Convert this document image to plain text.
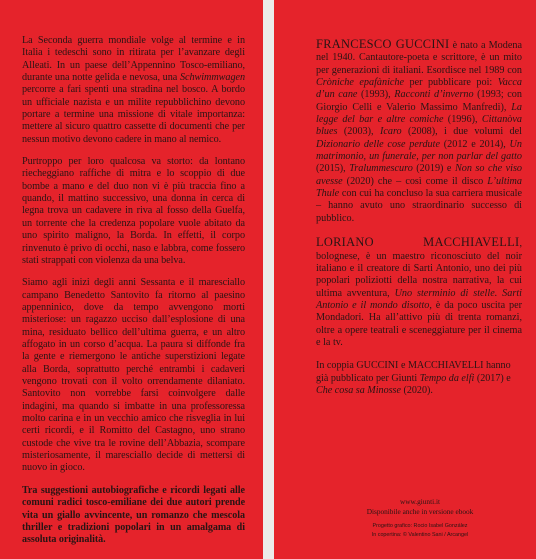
La Seconda guerra mondiale volge al termine e in Italia i tedeschi sono in ritirata per l’avanzare degli Alleati. In un paese dell’Appennino Tosco-emiliano, durante una notte gelida e nevosa, una Schwimmwagen percorre a fari spenti una stradina nel bosco. A bordo un ufficiale nazista e un milite repubblichino devono portare a termine una missione di vitale importanza: mettere al sicuro quattro cassette di documenti che per nessun motivo devono cadere in mano al nemico.

Purtroppo per loro qualcosa va storto: da lontano riecheggiano raffiche di mitra e lo scoppio di due bombe a mano e del duo non vi è più traccia fino a quando, il mattino successivo, una donna in cerca di legna trova un cadavere in riva al fosso della Guelfa, un torrente che la credenza popolare vuole abitato da uno spirito maligno, la Borda. In effetti, il corpo rinvenuto è privo di occhi, naso e labbra, come fossero stati strappati con violenza da una belva.

Siamo agli inizi degli anni Sessanta e il maresciallo campano Benedetto Santovito fa ritorno al paesino appenninico, dove da tempo avvengono morti misteriose: un ragazzo ucciso dall’esplosione di una mina, residuato bellico dell’ultima guerra, e un altro affogato in un corso d’acqua. La paura si diffonde fra la gente e riemergono le antiche superstizioni legate alla Borda, soprattutto perché entrambi i cadaveri vengono trovati con il volto orrendamente dilaniato. Santovito non vorrebbe farsi coinvolgere dalle indagini, ma quando si imbatte in una professoressa molto carina e in un vecchio amico che risveglia in lui certi ricordi, e il Romitto del Castagno, uno strano custode che vive tra le rovine dell’Abbazia, scompare misteriosamente, il maresciallo decide di mettersi di nuovo in gioco.

Tra suggestioni autobiografiche e ricordi legati alle comuni radici tosco-emiliane dei due autori prende vita un giallo avvincente, un romanzo che mescola thriller e tradizioni popolari in un amalgama di assoluta originalità.

FRANCESCO GUCCINI è nato a Modena nel 1940. Cantautore-poeta e scrittore, è un mito per generazioni di italiani. Esordisce nel 1989 con Cròniche epafàniche per pubblicare poi: Vacca d’un cane (1993), Racconti d’inverno (1993; con Giorgio Celli e Valerio Massimo Manfredi), La legge del bar e altre comiche (1996), Cittanòva blues (2003), Icaro (2008), i due volumi del Dizionario delle cose perdute (2012 e 2014), Un matrimonio, un funerale, per non parlar del gatto (2015), Tralummescuro (2019) e Non so che viso avesse (2020) che – così come il disco L’ultima Thule con cui ha concluso la sua carriera musicale – hanno avuto uno straordinario successo di pubblico.

LORIANO MACCHIAVELLI, bolognese, è un maestro riconosciuto del noir italiano e il creatore di Sarti Antonio, uno dei più popolari poliziotti della nostra narrativa, la cui ultima avventura, Uno sterminio di stelle. Sarti Antonio e il mondo disotto, è da poco uscita per Mondadori. Ha all’attivo più di trenta romanzi, oltre a opere teatrali e sceneggiature per il cinema e la tv.

In coppia GUCCINI e MACCHIAVELLI hanno già pubblicato per Giunti Tempo da elfi (2017) e Che cosa sa Minosse (2020).

www.giunti.it
Disponibile anche in versione ebook
Progetto grafico: Rocio Isabel González
In copertina: © Valentino Sani / Arcangel
